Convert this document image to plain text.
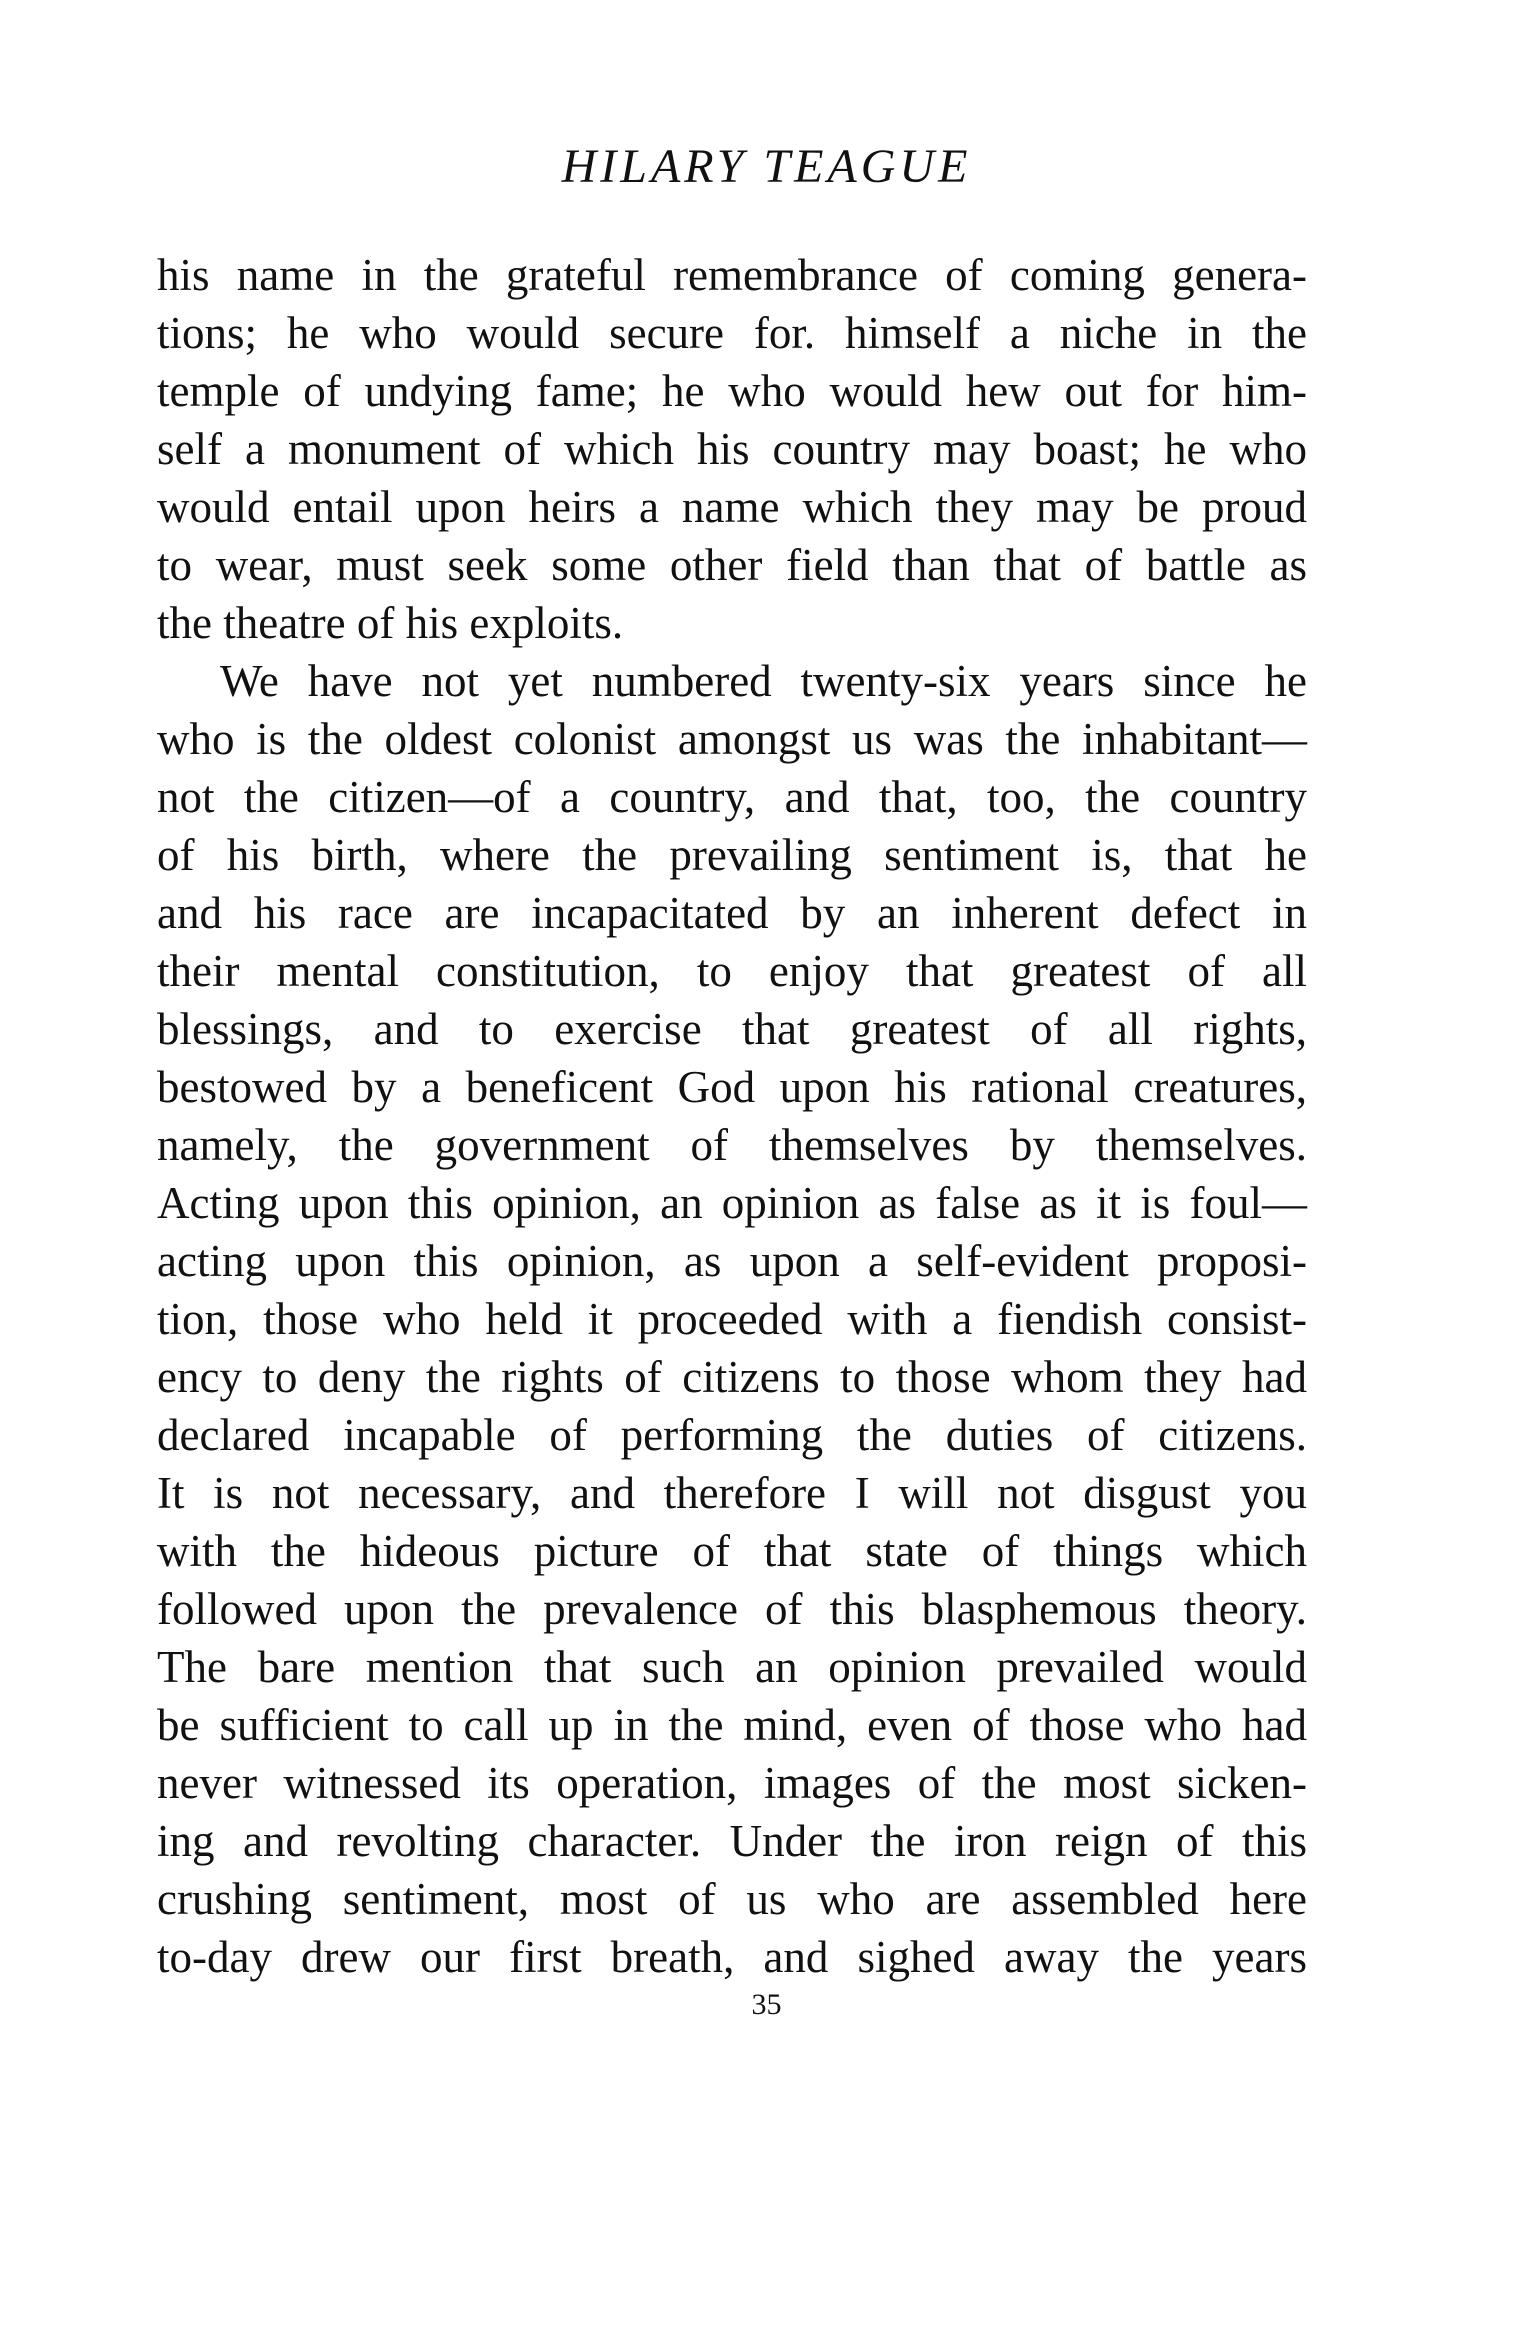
HILARY TEAGUE
his name in the grateful remembrance of coming genera-
tions; he who would secure for. himself a niche in the
temple of undying fame; he who would hew out for him-
self a monument of which his country may boast; he who
would entail upon heirs a name which they may be proud
to wear, must seek some other field than that of battle as
the theatre of his exploits.
We have not yet numbered twenty-six years since he
who is the oldest colonist amongst us was the inhabitant—
not the citizen—of a country, and that, too, the country
of his birth, where the prevailing sentiment is, that he
and his race are incapacitated by an inherent defect in
their mental constitution, to enjoy that greatest of all
blessings, and to exercise that greatest of all rights,
bestowed by a beneficent God upon his rational creatures,
namely, the government of themselves by themselves.
Acting upon this opinion, an opinion as false as it is foul—
acting upon this opinion, as upon a self-evident proposi-
tion, those who held it proceeded with a fiendish consist-
ency to deny the rights of citizens to those whom they had
declared incapable of performing the duties of citizens.
It is not necessary, and therefore I will not disgust you
with the hideous picture of that state of things which
followed upon the prevalence of this blasphemous theory.
The bare mention that such an opinion prevailed would
be sufficient to call up in the mind, even of those who had
never witnessed its operation, images of the most sicken-
ing and revolting character. Under the iron reign of this
crushing sentiment, most of us who are assembled here
to-day drew our first breath, and sighed away the years
35
